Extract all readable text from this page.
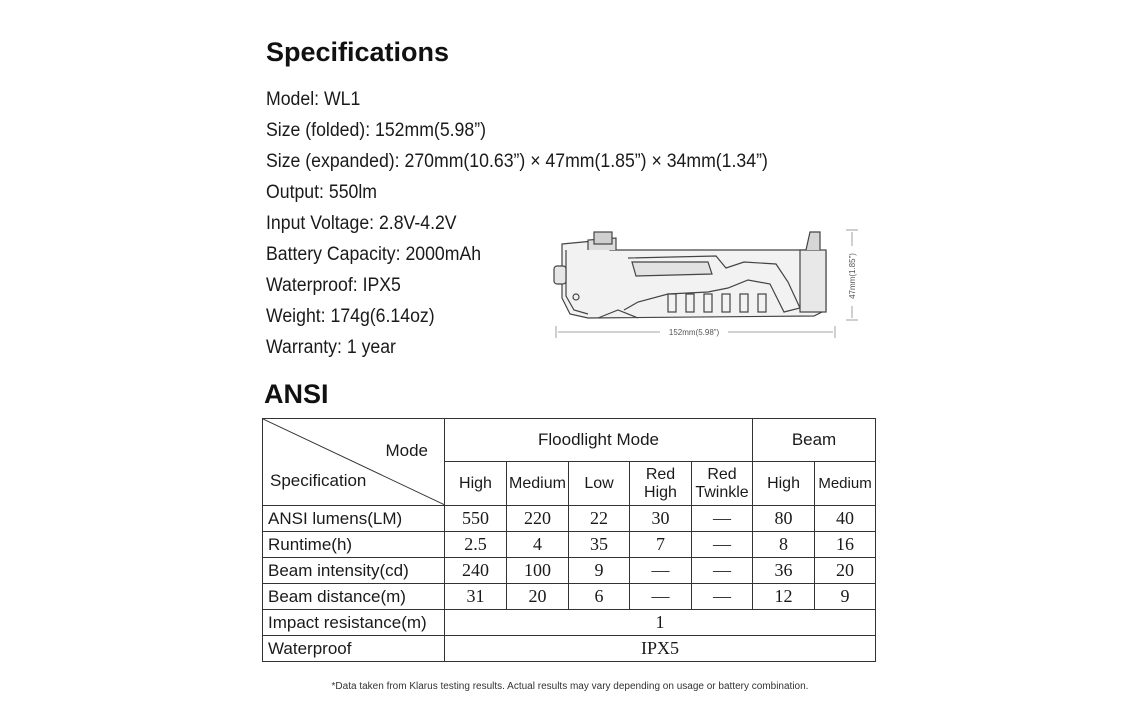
Specifications
Model: WL1
Size (folded): 152mm(5.98”)
Size (expanded): 270mm(10.63”) × 47mm(1.85”) × 34mm(1.34”)
Output: 550lm
Input Voltage: 2.8V-4.2V
Battery Capacity: 2000mAh
Waterproof: IPX5
Weight: 174g(6.14oz)
Warranty: 1 year
152mm(5.98”)
47mm(1.85”)
ANSI
Mode
Specification	Floodlight Mode					Beam	
	High	Medium	Low	Red High	Red Twinkle	High	Medium
ANSI lumens(LM)	550	220	22	30	—	80	40
Runtime(h)	2.5	4	35	7	—	8	16
Beam intensity(cd)	240	100	9	—	—	36	20
Beam distance(m)	31	20	6	—	—	12	9
Impact resistance(m)	1						
Waterproof	IPX5						
*Data taken from Klarus testing results. Actual results may vary depending on usage or battery combination.
